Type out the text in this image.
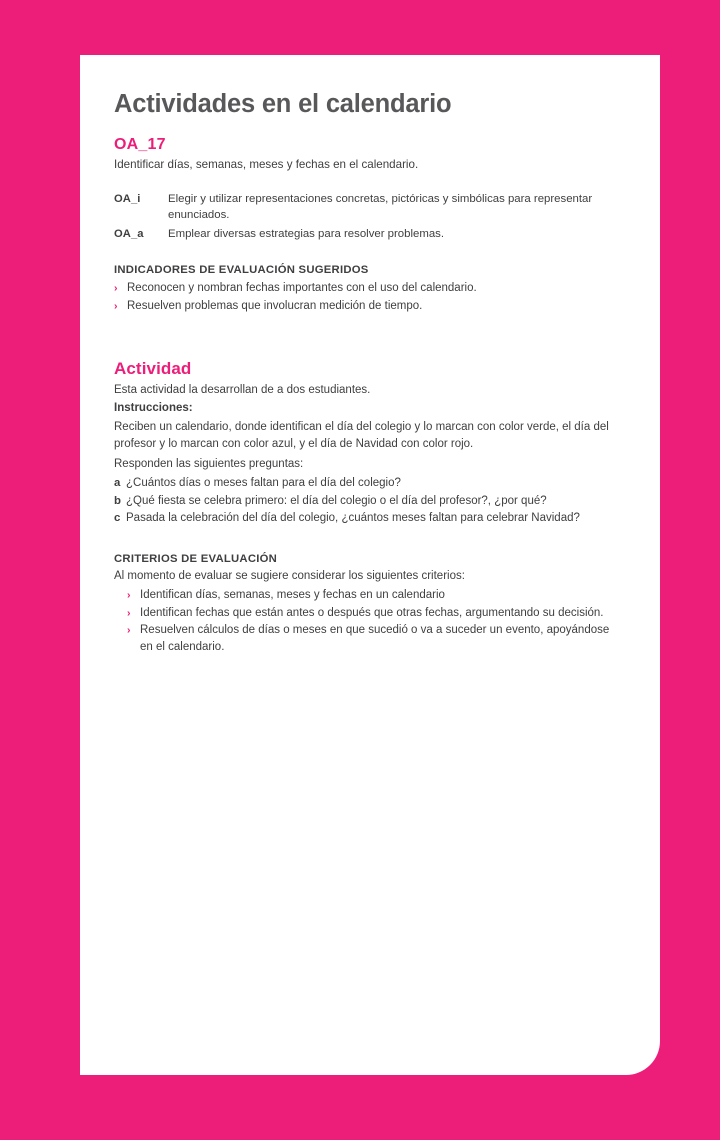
Actividades en el calendario
OA_17
Identificar días, semanas, meses y fechas en el calendario.
OA_i	Elegir y utilizar representaciones concretas, pictóricas y simbólicas para representar enunciados.
OA_a	Emplear diversas estrategias para resolver problemas.
INDICADORES DE EVALUACIÓN SUGERIDOS
› Reconocen y nombran fechas importantes con el uso del calendario.
› Resuelven problemas que involucran medición de tiempo.
Actividad

Esta actividad la desarrollan de a dos estudiantes.

Instrucciones:

Reciben un calendario, donde identifican el día del colegio y lo marcan con color verde, el día del profesor y lo marcan con color azul, y el día de Navidad con color rojo.

Responden las siguientes preguntas:

a ¿Cuántos días o meses faltan para el día del colegio?
b ¿Qué fiesta se celebra primero: el día del colegio o el día del profesor?, ¿por qué?
c Pasada la celebración del día del colegio, ¿cuántos meses faltan para celebrar Navidad?
CRITERIOS DE EVALUACIÓN

Al momento de evaluar se sugiere considerar los siguientes criterios:

› Identifican días, semanas, meses y fechas en un calendario
› Identifican fechas que están antes o después que otras fechas, argumentando su decisión.
› Resuelven cálculos de días o meses en que sucedió o va a suceder un evento, apoyándose en el calendario.
